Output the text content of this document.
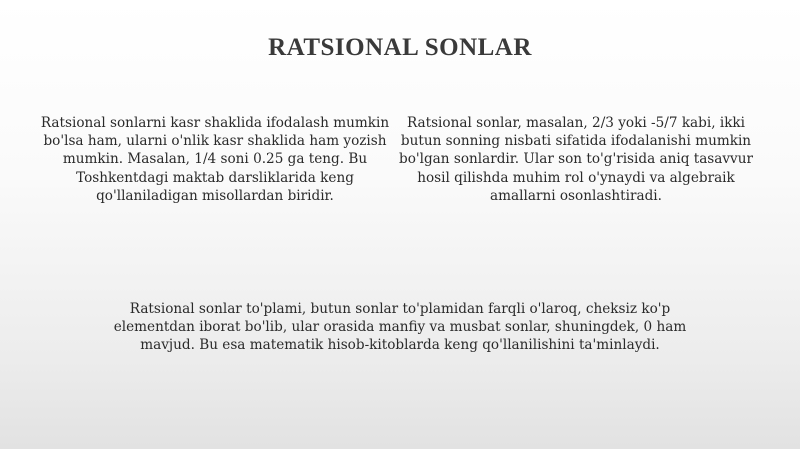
RATSIONAL SONLAR
Ratsional sonlarni kasr shaklida ifodalash mumkin bo'lsa ham, ularni o'nlik kasr shaklida ham yozish mumkin. Masalan, 1/4 soni 0.25 ga teng. Bu Toshkentdagi maktab darsliklarida keng qo'llaniladigan misollardan biridir.
Ratsional sonlar, masalan, 2/3 yoki -5/7 kabi, ikki butun sonning nisbati sifatida ifodalanishi mumkin bo'lgan sonlardir. Ular son to'g'risida aniq tasavvur hosil qilishda muhim rol o'ynaydi va algebraik amallarni osonlashtiradi.
Ratsional sonlar to'plami, butun sonlar to'plamidan farqli o'laroq, cheksiz ko'p elementdan iborat bo'lib, ular orasida manfiy va musbat sonlar, shuningdek, 0 ham mavjud. Bu esa matematik hisob-kitoblarda keng qo'llanilishini ta'minlaydi.
